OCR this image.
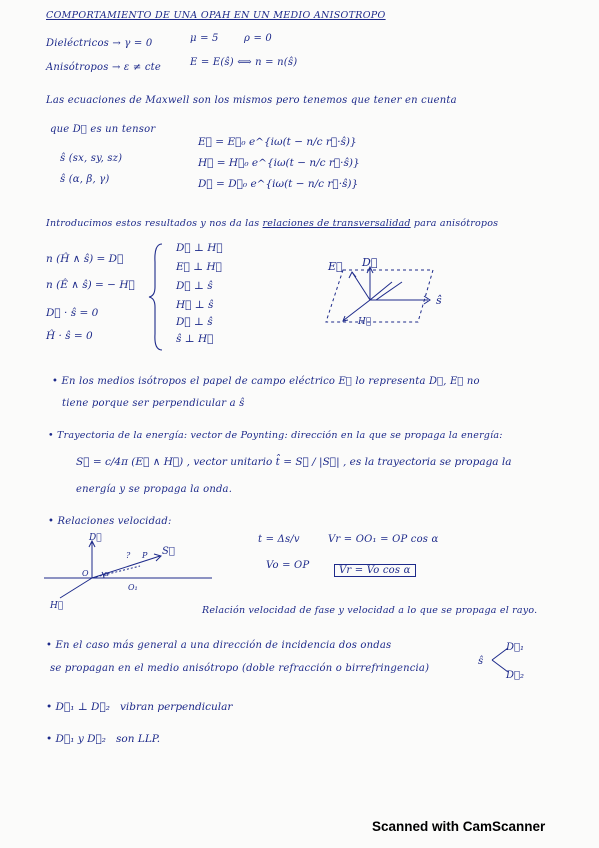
COMPORTAMIENTO DE UNA OPAH EN UN MEDIO ANISOTROPO
Dieléctricos → γ = 0	μ = 5	ρ = 0
Anisótropos → ε ≠ cte	E = E(ŝ) ⟺ n = n(ŝ)
Las ecuaciones de Maxwell son los mismos pero tenemos que tener en cuenta
que D⃗ es un tensor
ŝ (sx, sy, sz)
ŝ (α, β, γ)
E⃗ = E⃗₀ e^{iω(t − n/c r⃗·ŝ)}
H⃗ = H⃗₀ e^{iω(t − n/c r⃗·ŝ)}
D⃗ = D⃗₀ e^{iω(t − n/c r⃗·ŝ)}
Introducimos estos resultados y nos da las relaciones de transversalidad para anisótropos
n (Ĥ ∧ ŝ) = D⃗
n (Ê ∧ ŝ) = − H⃗
D⃗ · ŝ = 0
Ĥ · ŝ = 0
D⃗ ⊥ H⃗
E⃗ ⊥ H⃗
D⃗ ⊥ ŝ
H⃗ ⊥ ŝ
D⃗ ⊥ ŝ
ŝ ⊥ H⃗
E⃗ D⃗
ŝ
H⃗
• En los medios isótropos el papel de campo eléctrico E⃗ lo representa D⃗, E⃗ no
tiene porque ser perpendicular a ŝ
• Trayectoria de la energía: vector de Poynting: dirección en la que se propaga la energía:
S⃗ = c/4π (E⃗ ∧ H⃗) , vector unitario t̂ = S⃗ / |S⃗| , es la trayectoria se propaga la
energía y se propaga la onda.
• Relaciones velocidad:
D⃗
S⃗
H⃗
O
P
O₁
α
?
t = Δs/v	Vr = OO₁ = OP cos α
Vo = OP	Vr = Vo cos α
Relación velocidad de fase y velocidad a lo que se propaga el rayo.
• En el caso más general a una dirección de incidencia dos ondas
se propagan en el medio anisótropo (doble refracción o birrefringencia)
ŝ
D⃗₁
D⃗₂
• D⃗₁ ⊥ D⃗₂ vibran perpendicular
• D⃗₁ y D⃗₂ son LLP.
Scanned with CamScanner
